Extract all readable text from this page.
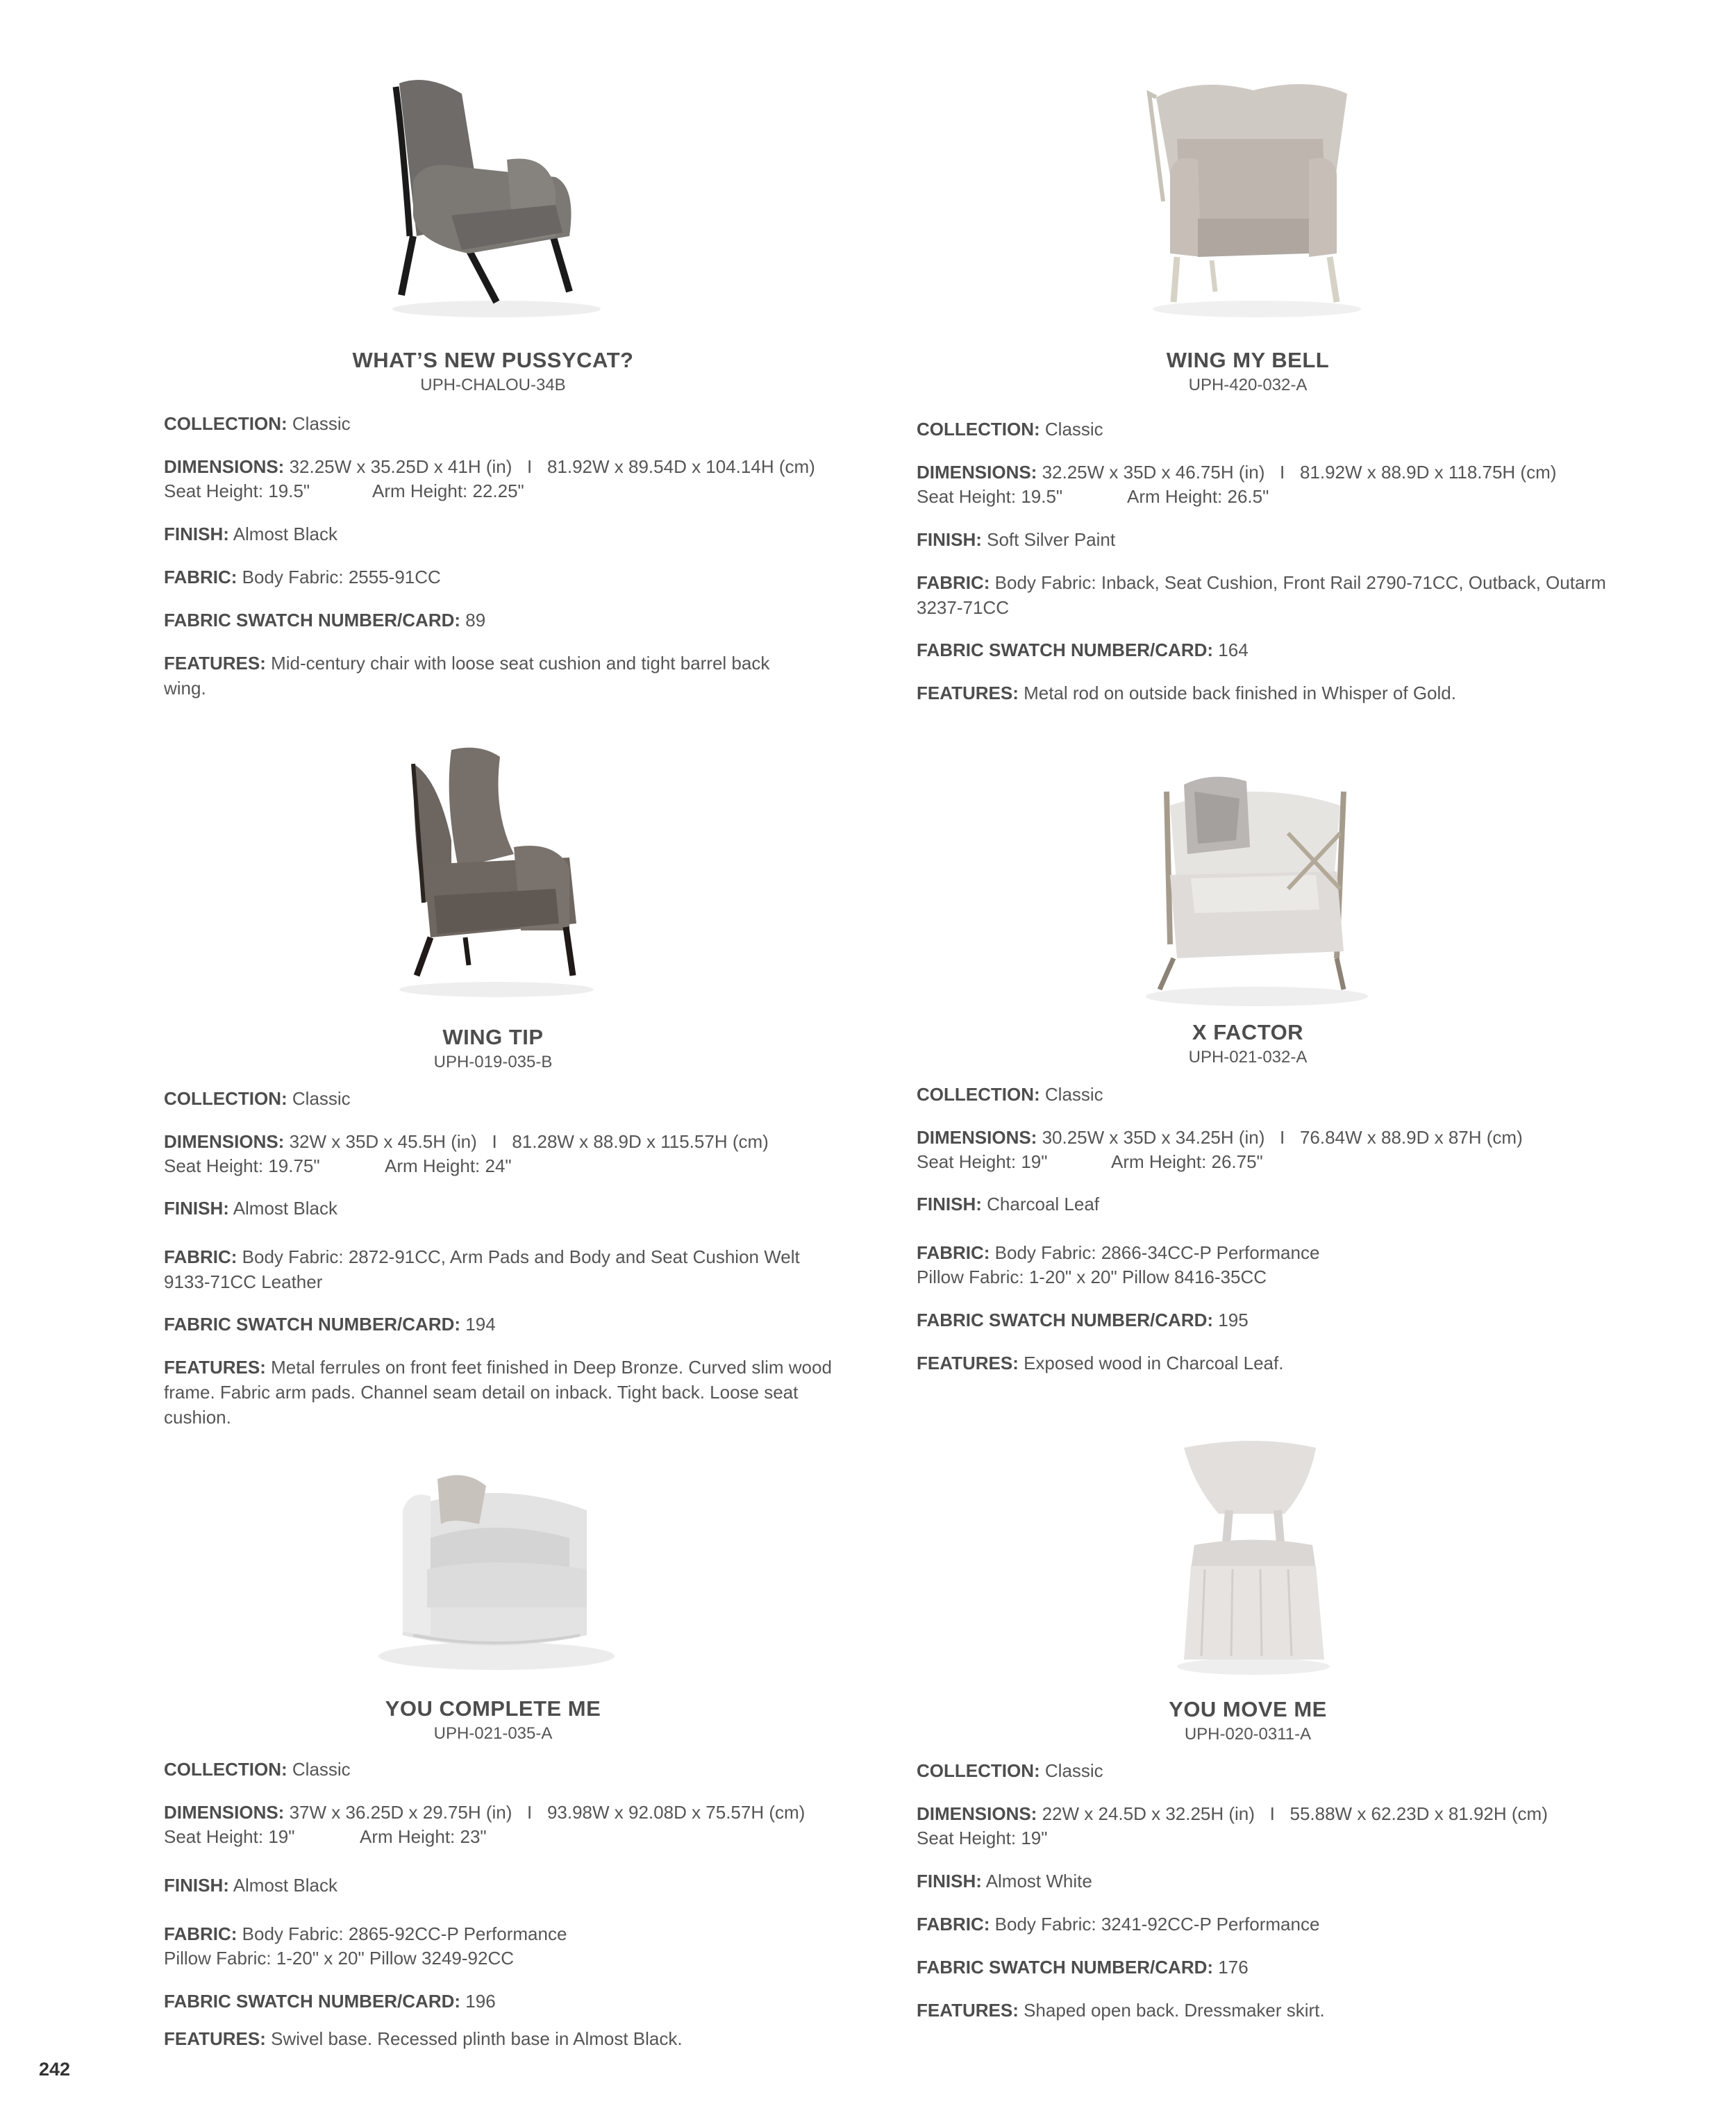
WHAT’S NEW PUSSYCAT?
UPH-CHALOU-34B
COLLECTION: Classic
DIMENSIONS: 32.25W x 35.25D x 41H (in)   I   81.92W x 89.54D x 104.14H (cm)
Seat Height: 19.5"	Arm Height: 22.25"
FINISH: Almost Black
FABRIC: Body Fabric: 2555-91CC
FABRIC SWATCH NUMBER/CARD: 89
FEATURES: Mid-century chair with loose seat cushion and tight barrel back wing.
WING MY BELL
UPH-420-032-A
COLLECTION: Classic
DIMENSIONS: 32.25W x 35D x 46.75H (in)   I   81.92W x 88.9D x 118.75H (cm)
Seat Height: 19.5"	Arm Height: 26.5"
FINISH: Soft Silver Paint
FABRIC: Body Fabric: Inback, Seat Cushion, Front Rail 2790-71CC, Outback, Outarm 3237-71CC
FABRIC SWATCH NUMBER/CARD: 164
FEATURES: Metal rod on outside back finished in Whisper of Gold.
WING TIP
UPH-019-035-B
COLLECTION: Classic
DIMENSIONS: 32W x 35D x 45.5H (in)   I   81.28W x 88.9D x 115.57H (cm)
Seat Height: 19.75"	Arm Height: 24"
FINISH: Almost Black
FABRIC: Body Fabric: 2872-91CC, Arm Pads and Body and Seat Cushion Welt 9133-71CC Leather
FABRIC SWATCH NUMBER/CARD: 194
FEATURES: Metal ferrules on front feet finished in Deep Bronze. Curved slim wood frame. Fabric arm pads. Channel seam detail on inback. Tight back. Loose seat cushion.
X FACTOR
UPH-021-032-A
COLLECTION: Classic
DIMENSIONS: 30.25W x 35D x 34.25H (in)   I   76.84W x 88.9D x 87H (cm)
Seat Height: 19"	Arm Height: 26.75"
FINISH: Charcoal Leaf
FABRIC: Body Fabric: 2866-34CC-P Performance
Pillow Fabric: 1-20" x 20" Pillow 8416-35CC
FABRIC SWATCH NUMBER/CARD: 195
FEATURES: Exposed wood in Charcoal Leaf.
YOU COMPLETE ME
UPH-021-035-A
COLLECTION: Classic
DIMENSIONS: 37W x 36.25D x 29.75H (in)   I   93.98W x 92.08D x 75.57H (cm)
Seat Height: 19"	Arm Height: 23"
FINISH: Almost Black
FABRIC: Body Fabric: 2865-92CC-P Performance
Pillow Fabric: 1-20" x 20" Pillow 3249-92CC
FABRIC SWATCH NUMBER/CARD: 196
FEATURES: Swivel base. Recessed plinth base in Almost Black.
YOU MOVE ME
UPH-020-0311-A
COLLECTION: Classic
DIMENSIONS: 22W x 24.5D x 32.25H (in)   I   55.88W x 62.23D x 81.92H (cm)
Seat Height: 19"
FINISH: Almost White
FABRIC: Body Fabric: 3241-92CC-P Performance
FABRIC SWATCH NUMBER/CARD: 176
FEATURES: Shaped open back. Dressmaker skirt.
242
